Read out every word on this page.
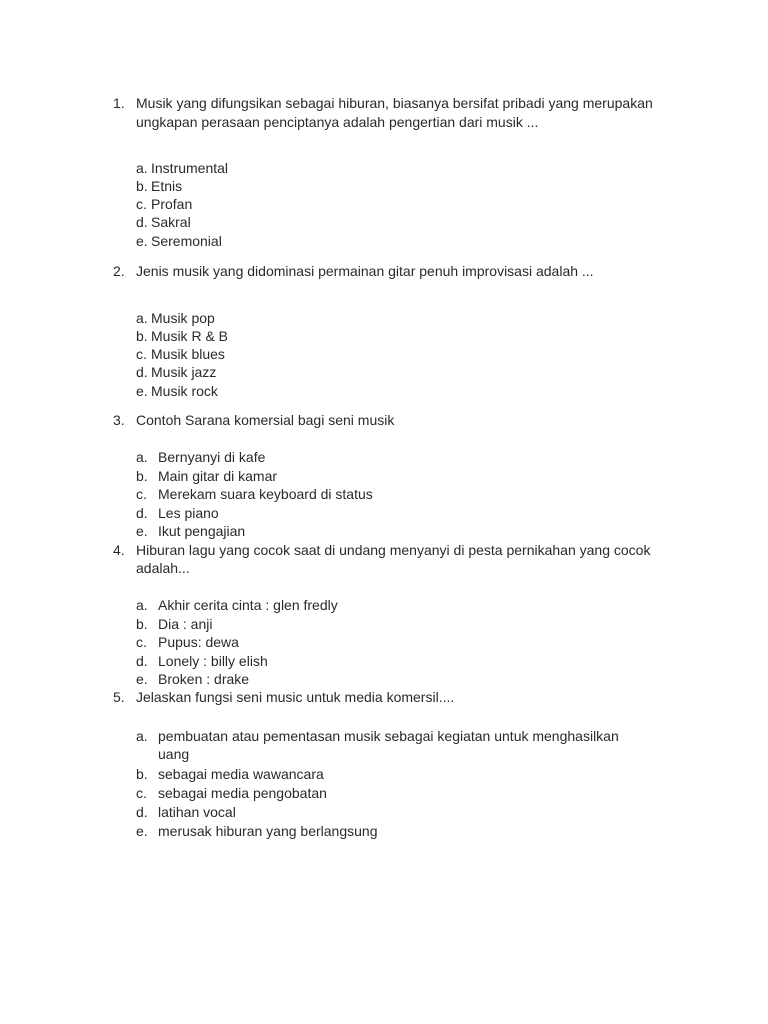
1. Musik yang difungsikan sebagai hiburan, biasanya bersifat pribadi yang merupakan
ungkapan perasaan penciptanya adalah pengertian dari musik ...
a. Instrumental
b. Etnis
c. Profan
d. Sakral
e. Seremonial
2. Jenis musik yang didominasi permainan gitar penuh improvisasi adalah ...
a. Musik pop
b. Musik R & B
c. Musik blues
d. Musik jazz
e. Musik rock
3. Contoh Sarana komersial bagi seni musik
a. Bernyanyi di kafe
b. Main gitar di kamar
c. Merekam suara keyboard di status
d. Les piano
e. Ikut pengajian
4. Hiburan lagu yang cocok saat di undang menyanyi di pesta pernikahan yang cocok
adalah...
a. Akhir cerita cinta : glen fredly
b. Dia : anji
c. Pupus: dewa
d. Lonely : billy elish
e. Broken : drake
5. Jelaskan fungsi seni music untuk media komersil....
a. pembuatan atau pementasan musik sebagai kegiatan untuk menghasilkan
uang
b. sebagai media wawancara
c. sebagai media pengobatan
d. latihan vocal
e. merusak hiburan yang berlangsung
